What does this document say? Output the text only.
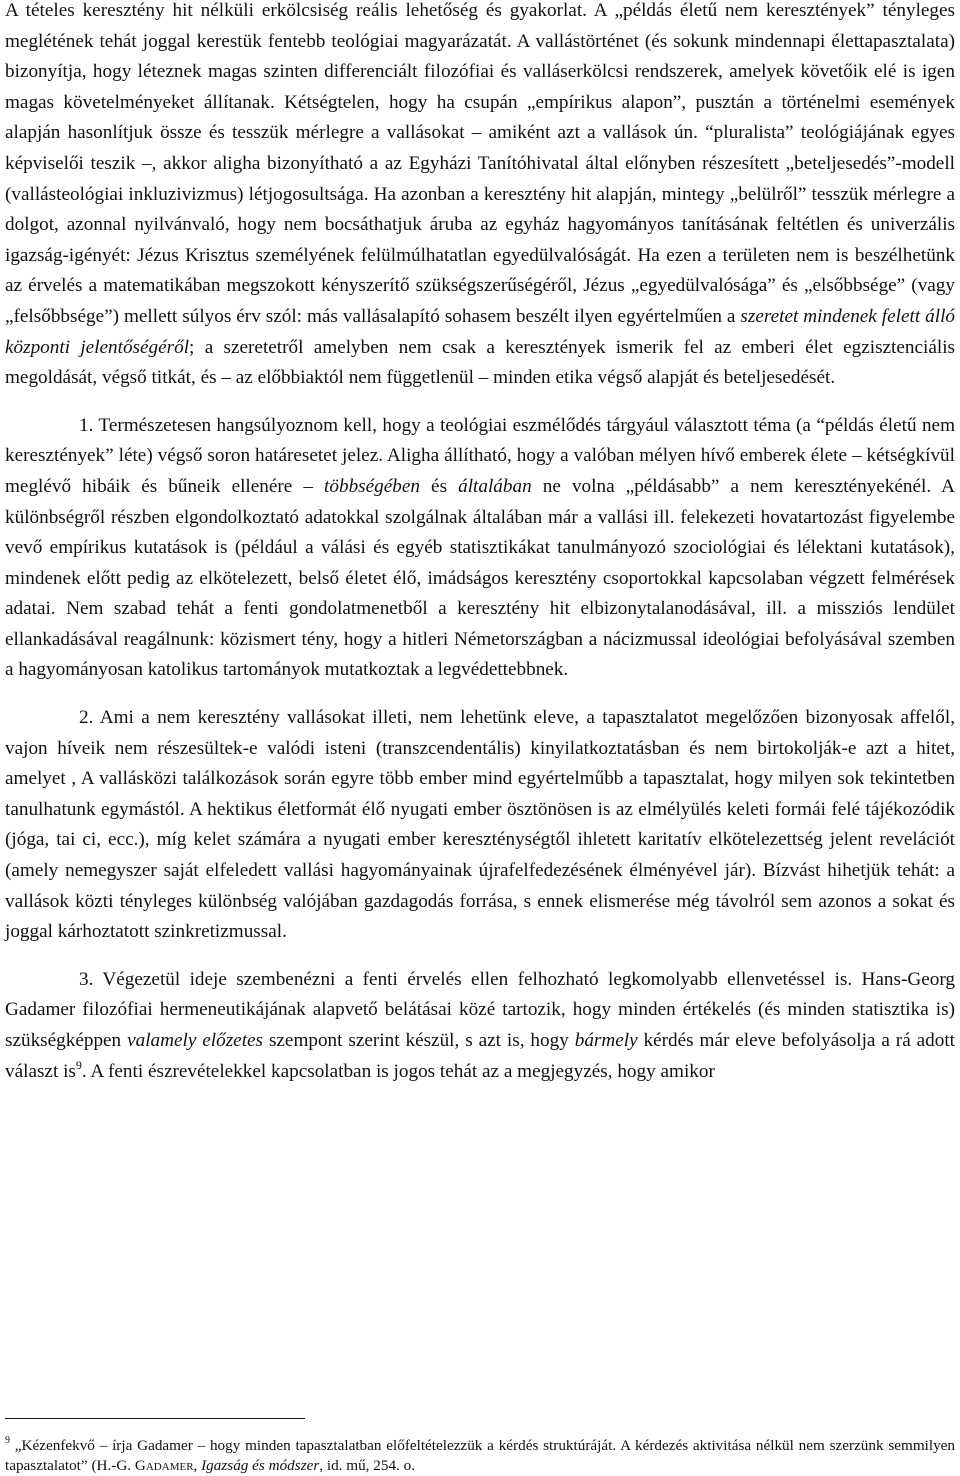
A tételes keresztény hit nélküli erkölcsiség reális lehetőség és gyakorlat. A „példás életű nem keresztények” tényleges meglétének tehát joggal kerestük fentebb teológiai magyarázatát. A vallástörténet (és sokunk mindennapi élettapasztalata) bizonyítja, hogy léteznek magas szinten differenciált filozófiai és valláserkölcsi rendszerek, amelyek követőik elé is igen magas követelményeket állítanak. Kétségtelen, hogy ha csupán „empírikus alapon”, pusztán a történelmi események alapján hasonlítjuk össze és tesszük mérlegre a vallásokat – amiként azt a vallások ún. “pluralista” teológiájának egyes képviselői teszik –, akkor aligha bizonyítható a az Egyházi Tanítóhivatal által előnyben részesített „beteljesedés”-modell (vallásteológiai inkluzivizmus) létjogosultsága. Ha azonban a keresztény hit alapján, mintegy „belülről” tesszük mérlegre a dolgot, azonnal nyilvánvaló, hogy nem bocsáthatjuk áruba az egyház hagyományos tanításának feltétlen és univerzális igazság-igényét: Jézus Krisztus személyének felülmúlhatatlan egyedülvalóságát. Ha ezen a területen nem is beszélhetünk az érvelés a matematikában megszokott kényszerítő szükségszerűségéről, Jézus „egyedülvalósága” és „elsőbbsége” (vagy „felsőbbsége”) mellett súlyos érv szól: más vallásalapító sohasem beszélt ilyen egyértelműen a szeretet mindenek felett álló központi jelentőségéről; a szeretetről amelyben nem csak a keresztények ismerik fel az emberi élet egzisztenciális megoldását, végső titkát, és – az előbbiaktól nem függetlenül – minden etika végső alapját és beteljesedését.

1. Természetesen hangsúlyoznom kell, hogy a teológiai eszmélődés tárgyául választott téma (a “példás életű nem keresztények” léte) végső soron határesetet jelez. Aligha állítható, hogy a valóban mélyen hívő emberek élete – kétségkívül meglévő hibáik és bűneik ellenére – többségében és általában ne volna „példásabb” a nem keresztényekénél. A különbségről részben elgondolkoztató adatokkal szolgálnak általában már a vallási ill. felekezeti hovatartozást figyelembe vevő empírikus kutatások is (például a válási és egyéb statisztikákat tanulmányozó szociológiai és lélektani kutatások), mindenek előtt pedig az elkötelezett, belső életet élő, imádságos keresztény csoportokkal kapcsolaban végzett felmérések adatai. Nem szabad tehát a fenti gondolatmenetből a keresztény hit elbizonytalanodásával, ill. a missziós lendület ellankadásával reagálnunk: közismert tény, hogy a hitleri Németországban a nácizmussal ideológiai befolyásával szemben a hagyományosan katolikus tartományok mutatkoztak a legvédettebbnek.

2. Ami a nem keresztény vallásokat illeti, nem lehetünk eleve, a tapasztalatot megelőzően bizonyosak affelől, vajon híveik nem részesültek-e valódi isteni (transzcendentális) kinyilatkoztatásban és nem birtokolják-e azt a hitet, amelyet , A vallásközi találkozások során egyre több ember mind egyértelműbb a tapasztalat, hogy milyen sok tekintetben tanulhatunk egymástól. A hektikus életformát élő nyugati ember ösztönösen is az elmélyülés keleti formái felé tájékozódik (jóga, tai ci, ecc.), míg kelet számára a nyugati ember kereszténységtől ihletett karitatív elkötelezettség jelent revelációt (amely nemegyszer saját elfeledett vallási hagyományainak újrafelfedezésének élményével jár). Bízvást hihetjük tehát: a vallások közti tényleges különbség valójában gazdagodás forrása, s ennek elismerése még távolról sem azonos a sokat és joggal kárhoztatott szinkretizmussal.

3. Végezetül ideje szembenézni a fenti érvelés ellen felhozható legkomolyabb ellenvetéssel is. Hans-Georg Gadamer filozófiai hermeneutikájának alapvető belátásai közé tartozik, hogy minden értékelés (és minden statisztika is) szükségképpen valamely előzetes szempont szerint készül, s azt is, hogy bármely kérdés már eleve befolyásolja a rá adott választ is$^9$. A fenti észrevételekkel kapcsolatban is jogos tehát az a megjegyzés, hogy amikor

$^9$ „Kézenfekvő – írja Gadamer – hogy minden tapasztalatban előfeltételezzük a kérdés struktúráját. A kérdezés aktivitása nélkül nem szerzünk semmilyen tapasztalatot” (H.-G. Gadamer, Igazság és módszer, id. mű, 254. o.
